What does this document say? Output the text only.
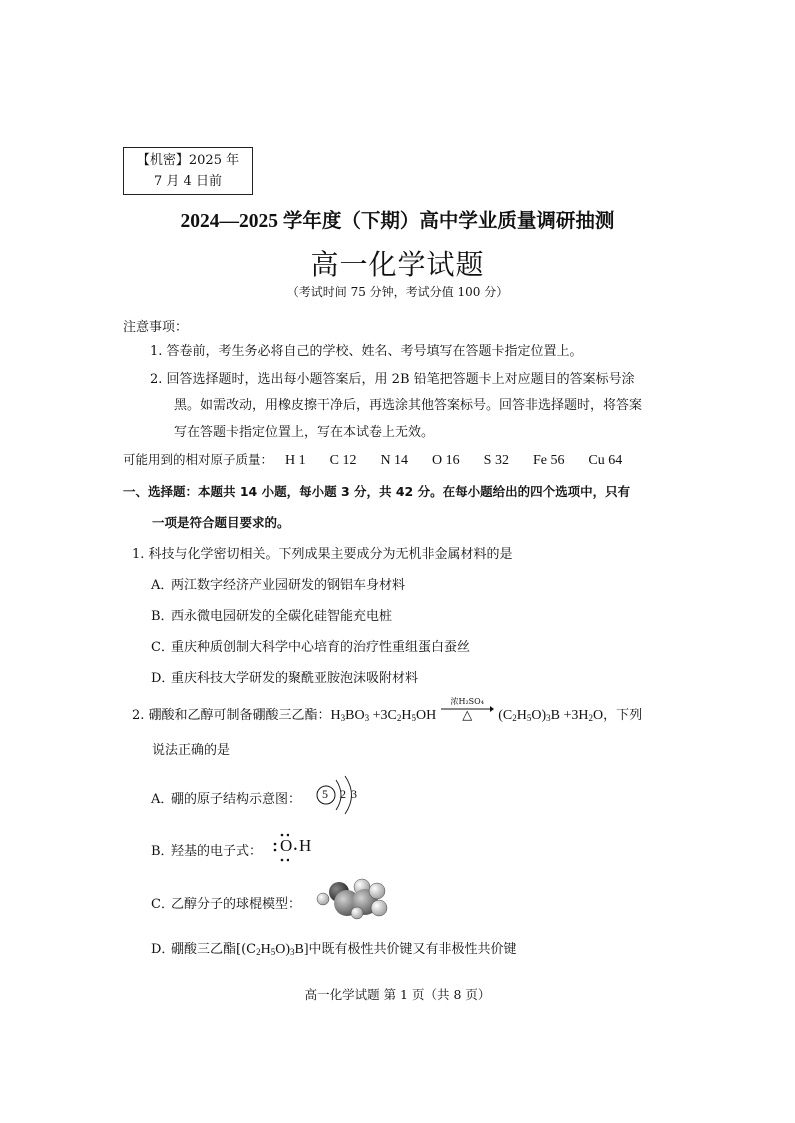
【机密】2025 年
7 月 4 日前
2024—2025 学年度（下期）高中学业质量调研抽测
高一化学试题
（考试时间 75 分钟，考试分值 100 分）
注意事项：
1. 答卷前，考生务必将自己的学校、姓名、考号填写在答题卡指定位置上。
2. 回答选择题时，选出每小题答案后，用 2B 铅笔把答题卡上对应题目的答案标号涂
黑。如需改动，用橡皮擦干净后，再选涂其他答案标号。回答非选择题时，将答案
写在答题卡指定位置上，写在本试卷上无效。
可能用到的相对原子质量： H 1 C 12 N 14 O 16 S 32 Fe 56 Cu 64
一、选择题：本题共 14 小题，每小题 3 分，共 42 分。在每小题给出的四个选项中，只有
一项是符合题目要求的。
1. 科技与化学密切相关。下列成果主要成分为无机非金属材料的是
A．两江数字经济产业园研发的钢铝车身材料
B．西永微电园研发的全碳化硅智能充电桩
C．重庆种质创制大科学中心培育的治疗性重组蛋白蚕丝
D．重庆科技大学研发的聚酰亚胺泡沫吸附材料
2. 硼酸和乙醇可制备硼酸三乙酯：$H_3BO_3 +3C_2H_5OH$
浓H₂SO₄
△	$(C_2H_5O)_3B +3H_2O$，下列
说法正确的是
A．硼的原子结构示意图： 5 2 3
B．羟基的电子式： O • H
C．乙醇分子的球棍模型：
D．硼酸三乙酯$[(C_2H_5O)_3B]$中既有极性共价键又有非极性共价键
高一化学试题 第 1 页（共 8 页）
